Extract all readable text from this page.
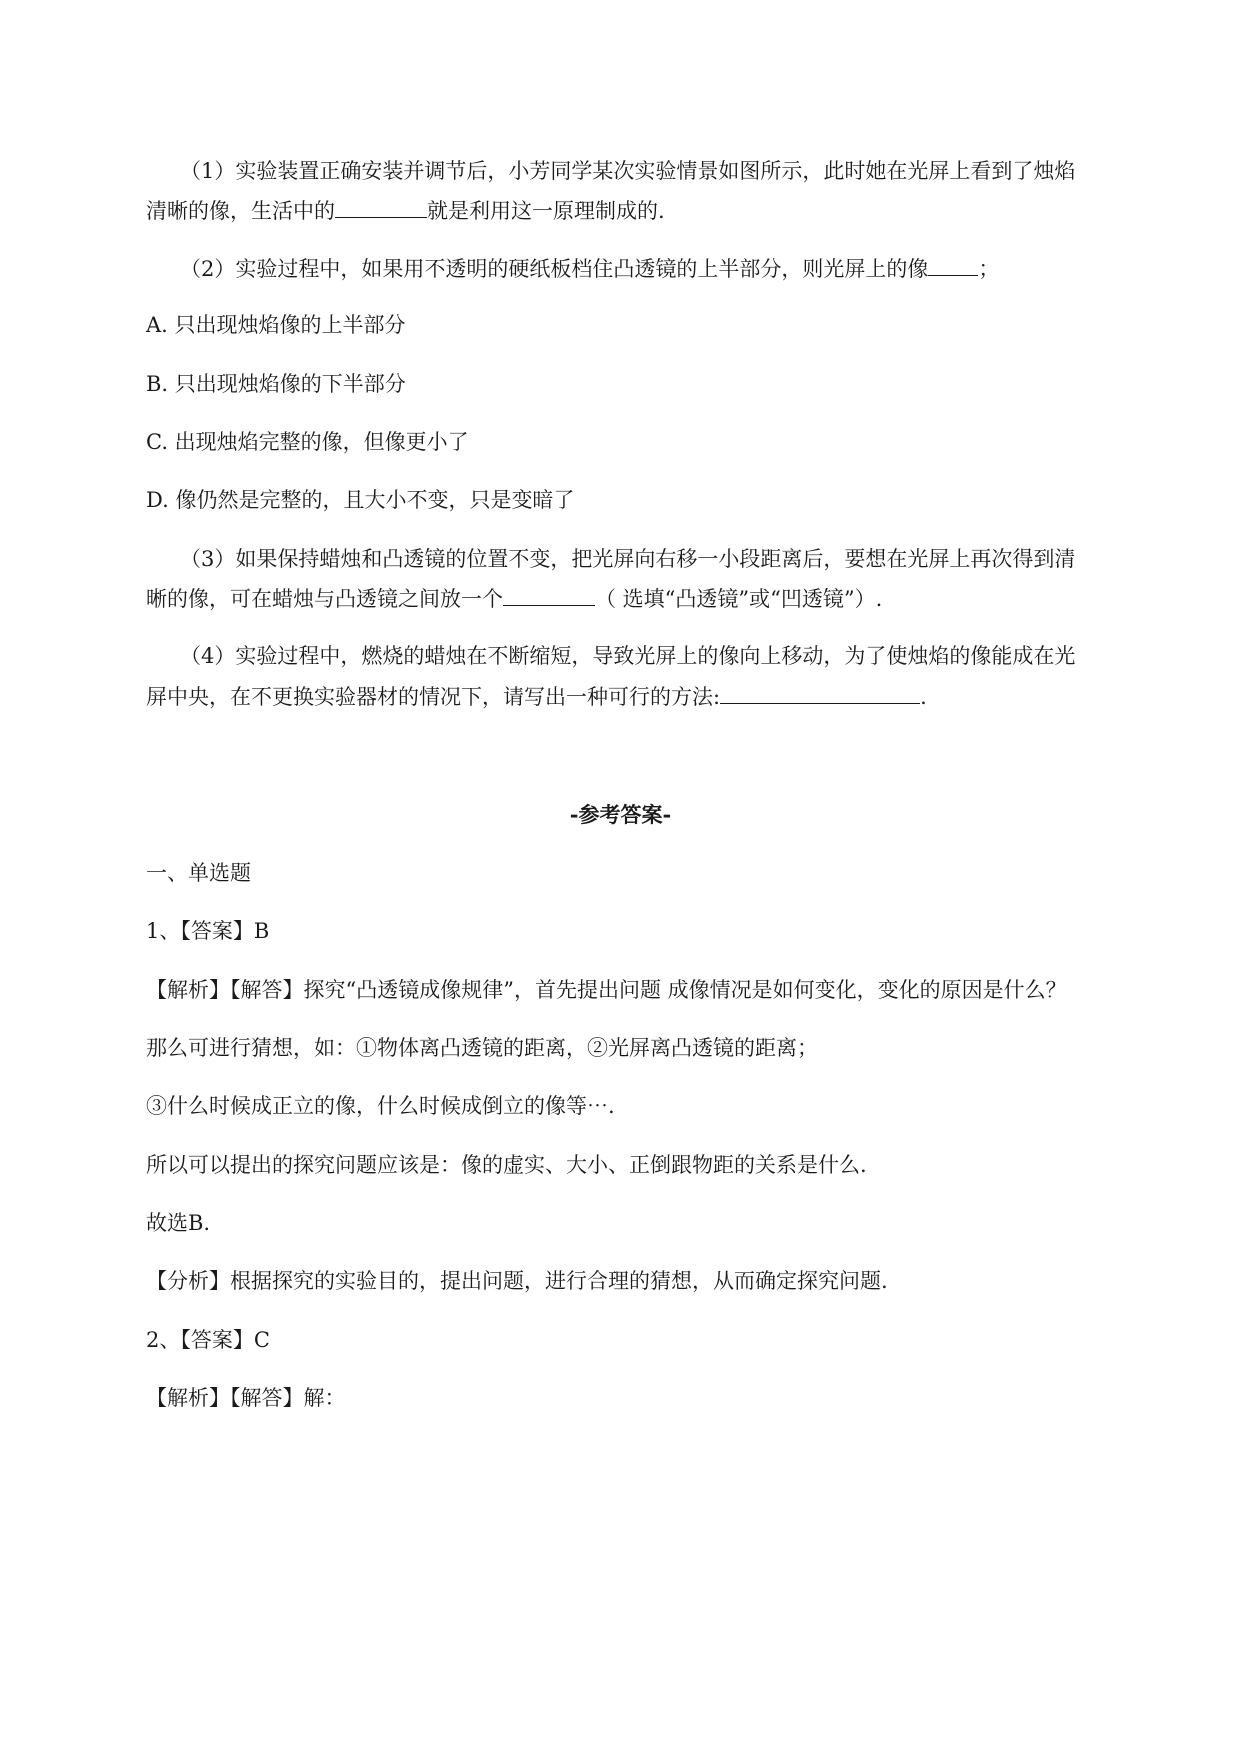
（1）实验装置正确安装并调节后，小芳同学某次实验情景如图所示，此时她在光屏上看到了烛焰
清晰的像，生活中的	就是利用这一原理制成的.
（2）实验过程中，如果用不透明的硬纸板档住凸透镜的上半部分，则光屏上的像 ；
A. 只出现烛焰像的上半部分
B. 只出现烛焰像的下半部分
C. 出现烛焰完整的像，但像更小了
D. 像仍然是完整的，且大小不变，只是变暗了
（3）如果保持蜡烛和凸透镜的位置不变，把光屏向右移一小段距离后，要想在光屏上再次得到清
晰的像，可在蜡烛与凸透镜之间放一个	（ 选填“凸透镜”或“凹透镜”）.
（4）实验过程中，燃烧的蜡烛在不断缩短，导致光屏上的像向上移动，为了使烛焰的像能成在光
屏中央，在不更换实验器材的情况下，请写出一种可行的方法:	.
-参考答案-
一、单选题
1、【答案】B
【解析】【解答】探究“凸透镜成像规律”，首先提出问题 成像情况是如何变化，变化的原因是什么？
那么可进行猜想，如：①物体离凸透镜的距离，②光屏离凸透镜的距离；
③什么时候成正立的像，什么时候成倒立的像等⋯.
所以可以提出的探究问题应该是：像的虚实、大小、正倒跟物距的关系是什么.
故选B.
【分析】根据探究的实验目的，提出问题，进行合理的猜想，从而确定探究问题.
2、【答案】C
【解析】【解答】解：
